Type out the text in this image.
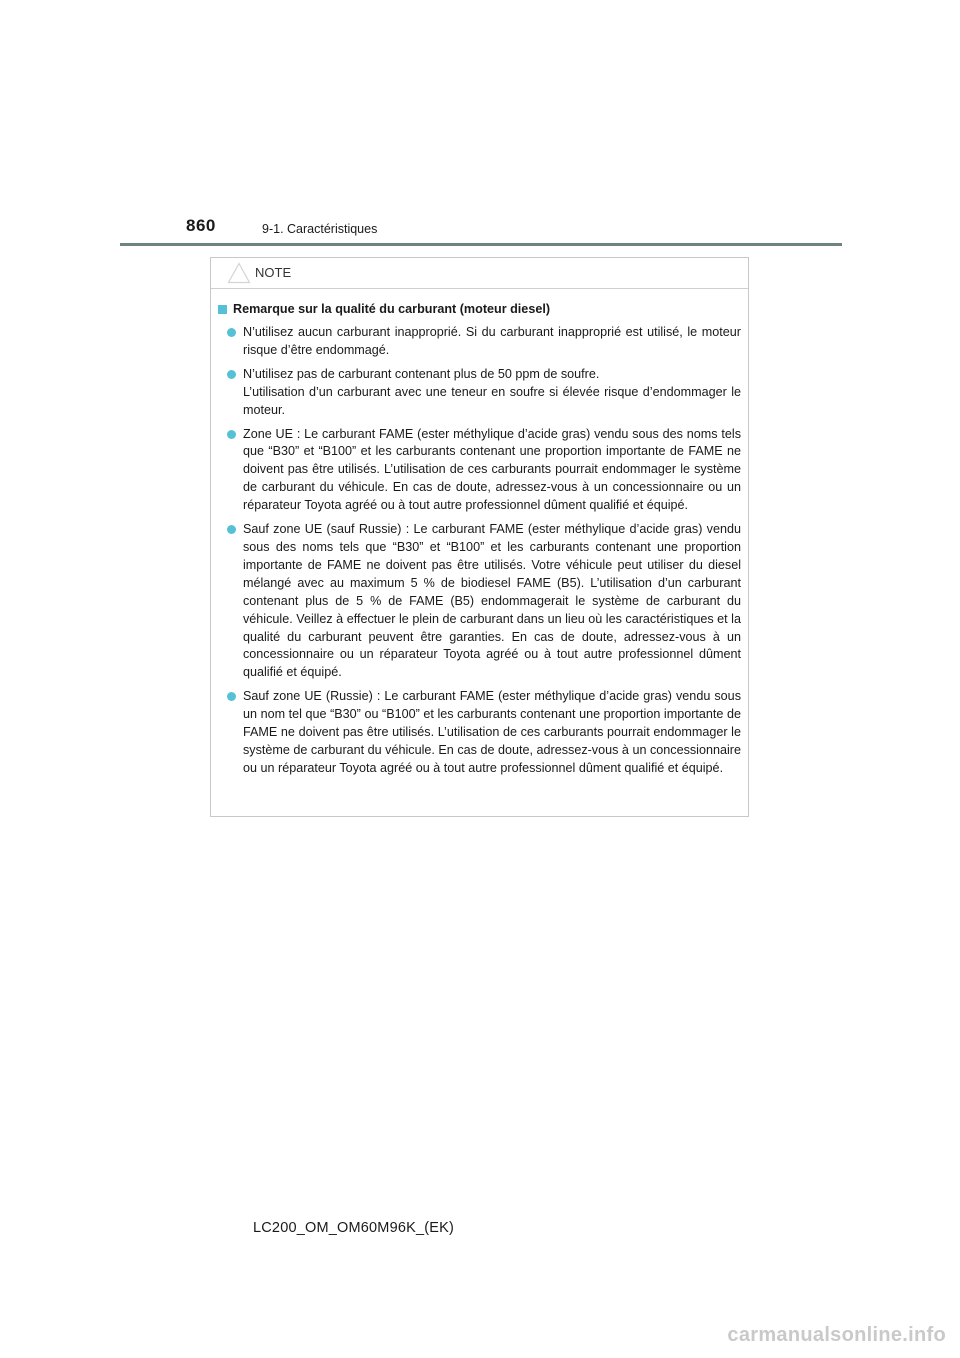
860	9-1. Caractéristiques
NOTE
Remarque sur la qualité du carburant (moteur diesel)

N’utilisez aucun carburant inapproprié. Si du carburant inapproprié est utilisé, le moteur risque d’être endommagé.

N’utilisez pas de carburant contenant plus de 50 ppm de soufre.

L’utilisation d’un carburant avec une teneur en soufre si élevée risque d’endommager le moteur.

Zone UE : Le carburant FAME (ester méthylique d’acide gras) vendu sous des noms tels que “B30” et “B100” et les carburants contenant une proportion importante de FAME ne doivent pas être utilisés. L’utilisation de ces carburants pourrait endommager le système de carburant du véhicule. En cas de doute, adressez-vous à un concessionnaire ou un réparateur Toyota agréé ou à tout autre professionnel dûment qualifié et équipé.

Sauf zone UE (sauf Russie) : Le carburant FAME (ester méthylique d’acide gras) vendu sous des noms tels que “B30” et “B100” et les carburants contenant une proportion importante de FAME ne doivent pas être utilisés. Votre véhicule peut utiliser du diesel mélangé avec au maximum 5 % de biodiesel FAME (B5). L’utilisation d’un carburant contenant plus de 5 % de FAME (B5) endommagerait le système de carburant du véhicule. Veillez à effectuer le plein de carburant dans un lieu où les caractéristiques et la qualité du carburant peuvent être garanties. En cas de doute, adressez-vous à un concessionnaire ou un réparateur Toyota agréé ou à tout autre professionnel dûment qualifié et équipé.

Sauf zone UE (Russie) : Le carburant FAME (ester méthylique d’acide gras) vendu sous un nom tel que “B30” ou “B100” et les carburants contenant une proportion importante de FAME ne doivent pas être utilisés. L’utilisation de ces carburants pourrait endommager le système de carburant du véhicule. En cas de doute, adressez-vous à un concessionnaire ou un réparateur Toyota agréé ou à tout autre professionnel dûment qualifié et équipé.

LC200_OM_OM60M96K_(EK)
carmanualsonline.info
